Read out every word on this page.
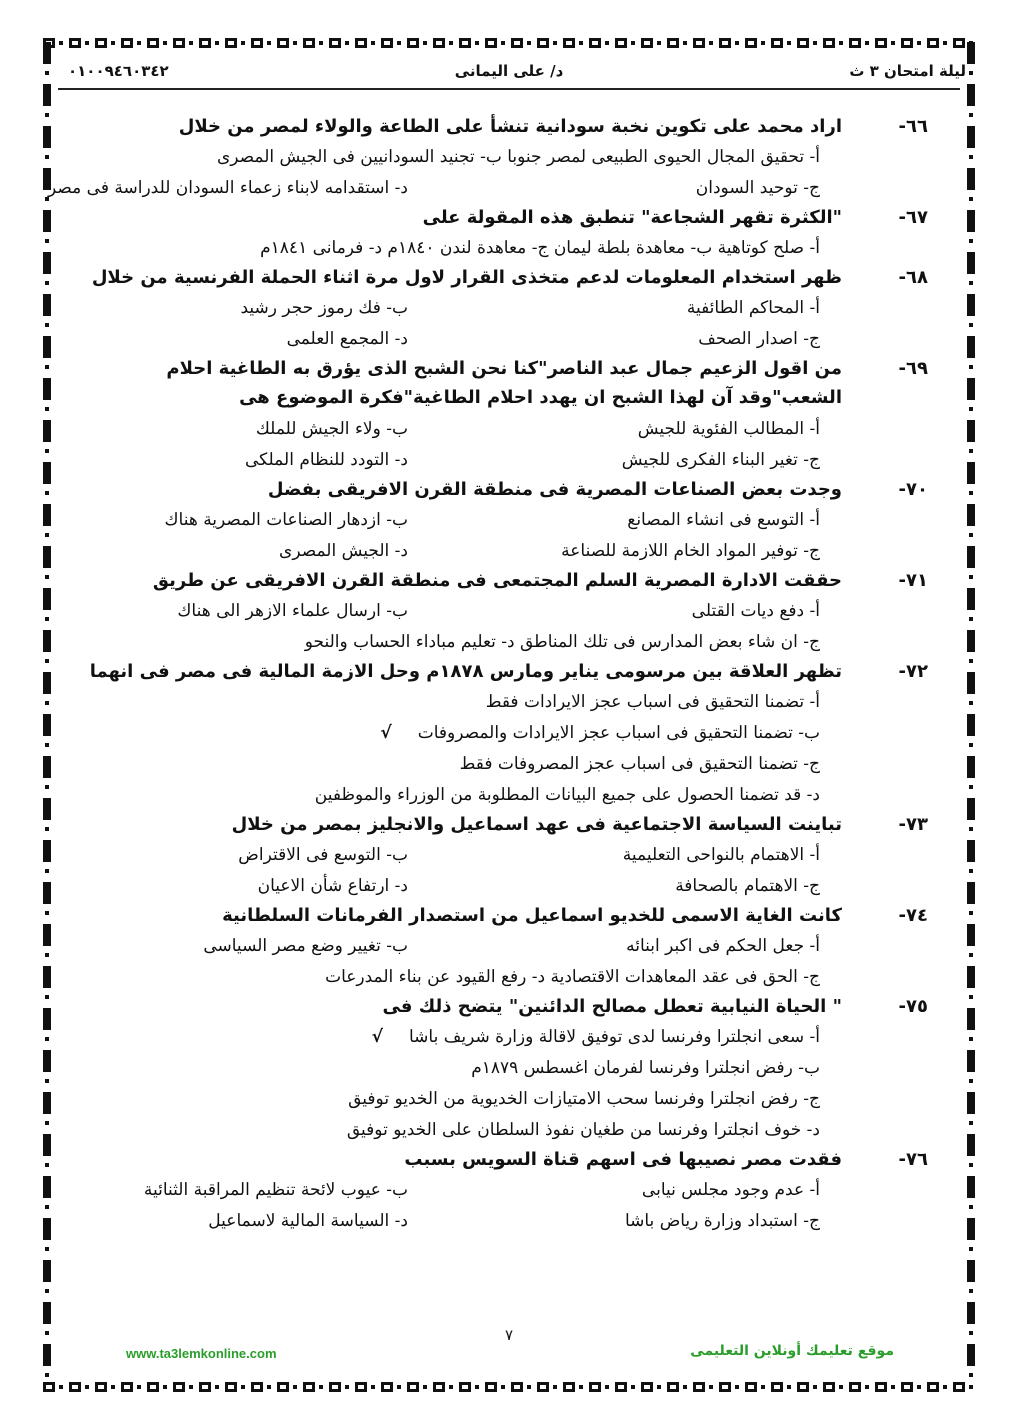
ليلة امتحان ٣ ث
د/ على اليمانى
٠١٠٠٩٤٦٠٣٤٢
٦٦-
اراد محمد على تكوين نخبة سودانية تنشأ على الطاعة والولاء لمصر من خلال
أ- تحقيق المجال الحيوى الطبيعى لمصر جنوبا ب- تجنيد السودانيين فى الجيش المصرى
ج- توحيد السودان
د- استقدامه لابناء زعماء السودان للدراسة فى مصر
٦٧-
"الكثرة تقهر الشجاعة" تنطبق هذه المقولة على
أ- صلح كوتاهية ب- معاهدة بلطة ليمان ج- معاهدة لندن ١٨٤٠م د- فرمانى ١٨٤١م
٦٨-
ظهر استخدام المعلومات لدعم متخذى القرار لاول مرة اثناء الحملة الفرنسية من خلال
أ- المحاكم الطائفية
ب- فك رموز حجر رشيد
ج- اصدار الصحف
د- المجمع العلمى
٦٩-
من اقول الزعيم جمال عبد الناصر"كنا نحن الشبح الذى يؤرق به الطاغية احلام
الشعب"وقد آن لهذا الشبح ان يهدد احلام الطاغية"فكرة الموضوع هى
أ- المطالب الفئوية للجيش
ب- ولاء الجيش للملك
ج- تغير البناء الفكرى للجيش
د- التودد للنظام الملكى
٧٠-
وجدت بعض الصناعات المصرية فى منطقة القرن الافريقى بفضل
أ- التوسع فى انشاء المصانع
ب- ازدهار الصناعات المصرية هناك
ج- توفير المواد الخام اللازمة للصناعة
د- الجيش المصرى
٧١-
حققت الادارة المصرية السلم المجتمعى فى منطقة القرن الافريقى عن طريق
أ- دفع ديات القتلى
ب- ارسال علماء الازهر الى هناك
ج- ان شاء بعض المدارس فى تلك المناطق د- تعليم مباداء الحساب والنحو
٧٢-
تظهر العلاقة بين مرسومى يناير ومارس ١٨٧٨م وحل الازمة المالية فى مصر فى انهما
أ- تضمنا التحقيق فى اسباب عجز الايرادات فقط
ب- تضمنا التحقيق فى اسباب عجز الايرادات والمصروفات√
ج- تضمنا التحقيق فى اسباب عجز المصروفات فقط
د- قد تضمنا الحصول على جميع البيانات المطلوبة من الوزراء والموظفين
٧٣-
تباينت السياسة الاجتماعية فى عهد اسماعيل والانجليز بمصر من خلال
أ- الاهتمام بالنواحى التعليمية
ب- التوسع فى الاقتراض
ج- الاهتمام بالصحافة
د- ارتفاع شأن الاعيان
٧٤-
كانت الغاية الاسمى للخديو اسماعيل من استصدار الفرمانات السلطانية
أ- جعل الحكم فى اكبر ابنائه
ب- تغيير وضع مصر السياسى
ج- الحق فى عقد المعاهدات الاقتصادية د- رفع القيود عن بناء المدرعات
٧٥-
" الحياة النيابية تعطل مصالح الدائنين" يتضح ذلك فى
أ- سعى انجلترا وفرنسا لدى توفيق لاقالة وزارة شريف باشا√
ب- رفض انجلترا وفرنسا لفرمان اغسطس ١٨٧٩م
ج- رفض انجلترا وفرنسا سحب الامتيازات الخديوية من الخديو توفيق
د- خوف انجلترا وفرنسا من طغيان نفوذ السلطان على الخديو توفيق
٧٦-
فقدت مصر نصيبها فى اسهم قناة السويس بسبب
أ- عدم وجود مجلس نيابى
ب- عيوب لائحة تنظيم المراقبة الثنائية
ج- استبداد وزارة رياض باشا
د- السياسة المالية لاسماعيل
٧
www.ta3lemkonline.com	موقع تعليمك أونلاين التعليمى
